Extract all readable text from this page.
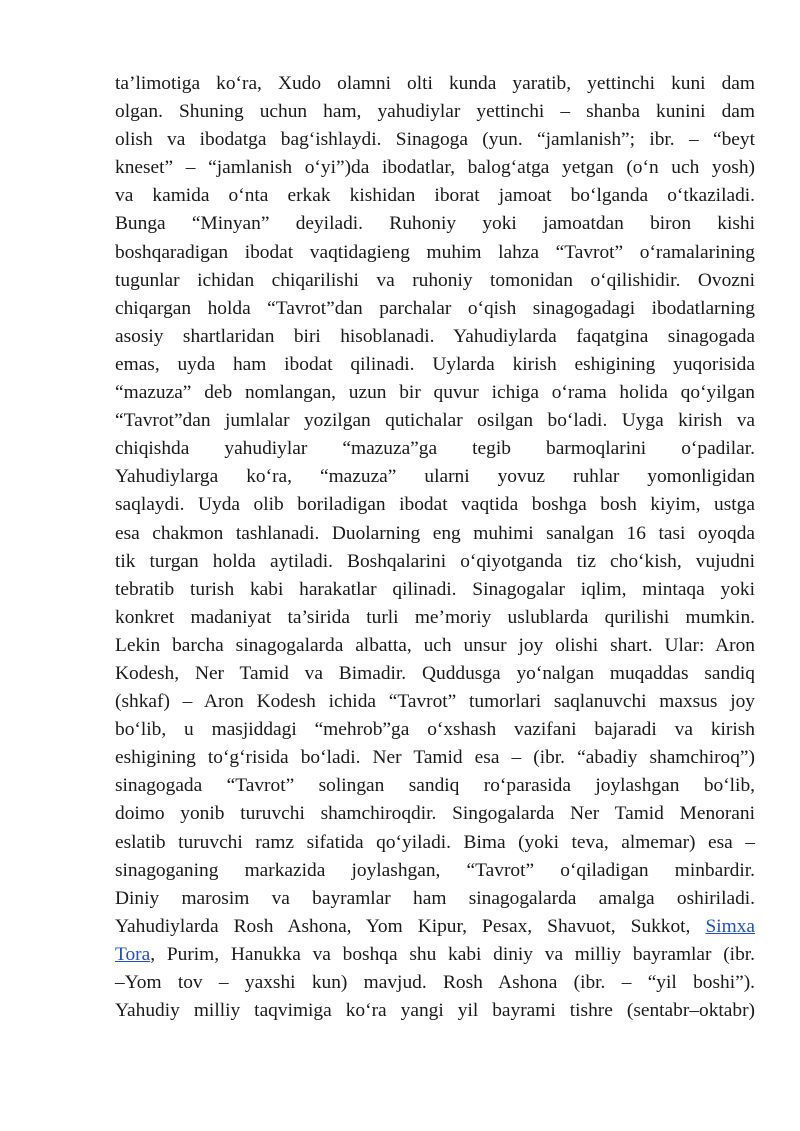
ta’limotiga ko‘ra, Xudo olamni olti kunda yaratib, yettinchi kuni dam
olgan. Shuning uchun ham, yahudiylar yettinchi – shanba kunini dam
olish va ibodatga bag‘ishlaydi. Sinagoga (yun. “jamlanish”; ibr. – “beyt
kneset” – “jamlanish o‘yi”)da ibodatlar, balog‘atga yetgan (o‘n uch yosh)
va kamida o‘nta erkak kishidan iborat jamoat bo‘lganda o‘tkaziladi.
Bunga “Minyan” deyiladi. Ruhoniy yoki jamoatdan biron kishi
boshqaradigan ibodat vaqtidagieng muhim lahza “Tavrot” o‘ramalarining
tugunlar ichidan chiqarilishi va ruhoniy tomonidan o‘qilishidir. Ovozni
chiqargan holda “Tavrot”dan parchalar o‘qish sinagogadagi ibodatlarning
asosiy shartlaridan biri hisoblanadi. Yahudiylarda faqatgina sinagogada
emas, uyda ham ibodat qilinadi. Uylarda kirish eshigining yuqorisida
“mazuza” deb nomlangan, uzun bir quvur ichiga o‘rama holida qo‘yilgan
“Tavrot”dan jumlalar yozilgan qutichalar osilgan bo‘ladi. Uyga kirish va
chiqishda yahudiylar “mazuza”ga tegib barmoqlarini o‘padilar.
Yahudiylarga ko‘ra, “mazuza” ularni yovuz ruhlar yomonligidan
saqlaydi. Uyda olib boriladigan ibodat vaqtida boshga bosh kiyim, ustga
esa chakmon tashlanadi. Duolarning eng muhimi sanalgan 16 tasi oyoqda
tik turgan holda aytiladi. Boshqalarini o‘qiyotganda tiz cho‘kish, vujudni
tebratib turish kabi harakatlar qilinadi. Sinagogalar iqlim, mintaqa yoki
konkret madaniyat ta’sirida turli me’moriy uslublarda qurilishi mumkin.
Lekin barcha sinagogalarda albatta, uch unsur joy olishi shart. Ular: Aron
Kodesh, Ner Tamid va Bimadir. Quddusga yo‘nalgan muqaddas sandiq
(shkaf) – Aron Kodesh ichida “Tavrot” tumorlari saqlanuvchi maxsus joy
bo‘lib, u masjiddagi “mehrob”ga o‘xshash vazifani bajaradi va kirish
eshigining to‘g‘risida bo‘ladi. Ner Tamid esa – (ibr. “abadiy shamchiroq”)
sinagogada “Tavrot” solingan sandiq ro‘parasida joylashgan bo‘lib,
doimo yonib turuvchi shamchiroqdir. Singogalarda Ner Tamid Menorani
eslatib turuvchi ramz sifatida qo‘yiladi. Bima (yoki teva, almemar) esa –
sinagoganing markazida joylashgan, “Tavrot” o‘qiladigan minbardir.
Diniy marosim va bayramlar ham sinagogalarda amalga oshiriladi.
Yahudiylarda Rosh Ashona, Yom Kipur, Pesax, Shavuot, Sukkot, Simxa
Tora, Purim, Hanukka va boshqa shu kabi diniy va milliy bayramlar (ibr.
–Yom tov – yaxshi kun) mavjud. Rosh Ashona (ibr. – “yil boshi”).
Yahudiy milliy taqvimiga ko‘ra yangi yil bayrami tishre (sentabr–oktabr)
